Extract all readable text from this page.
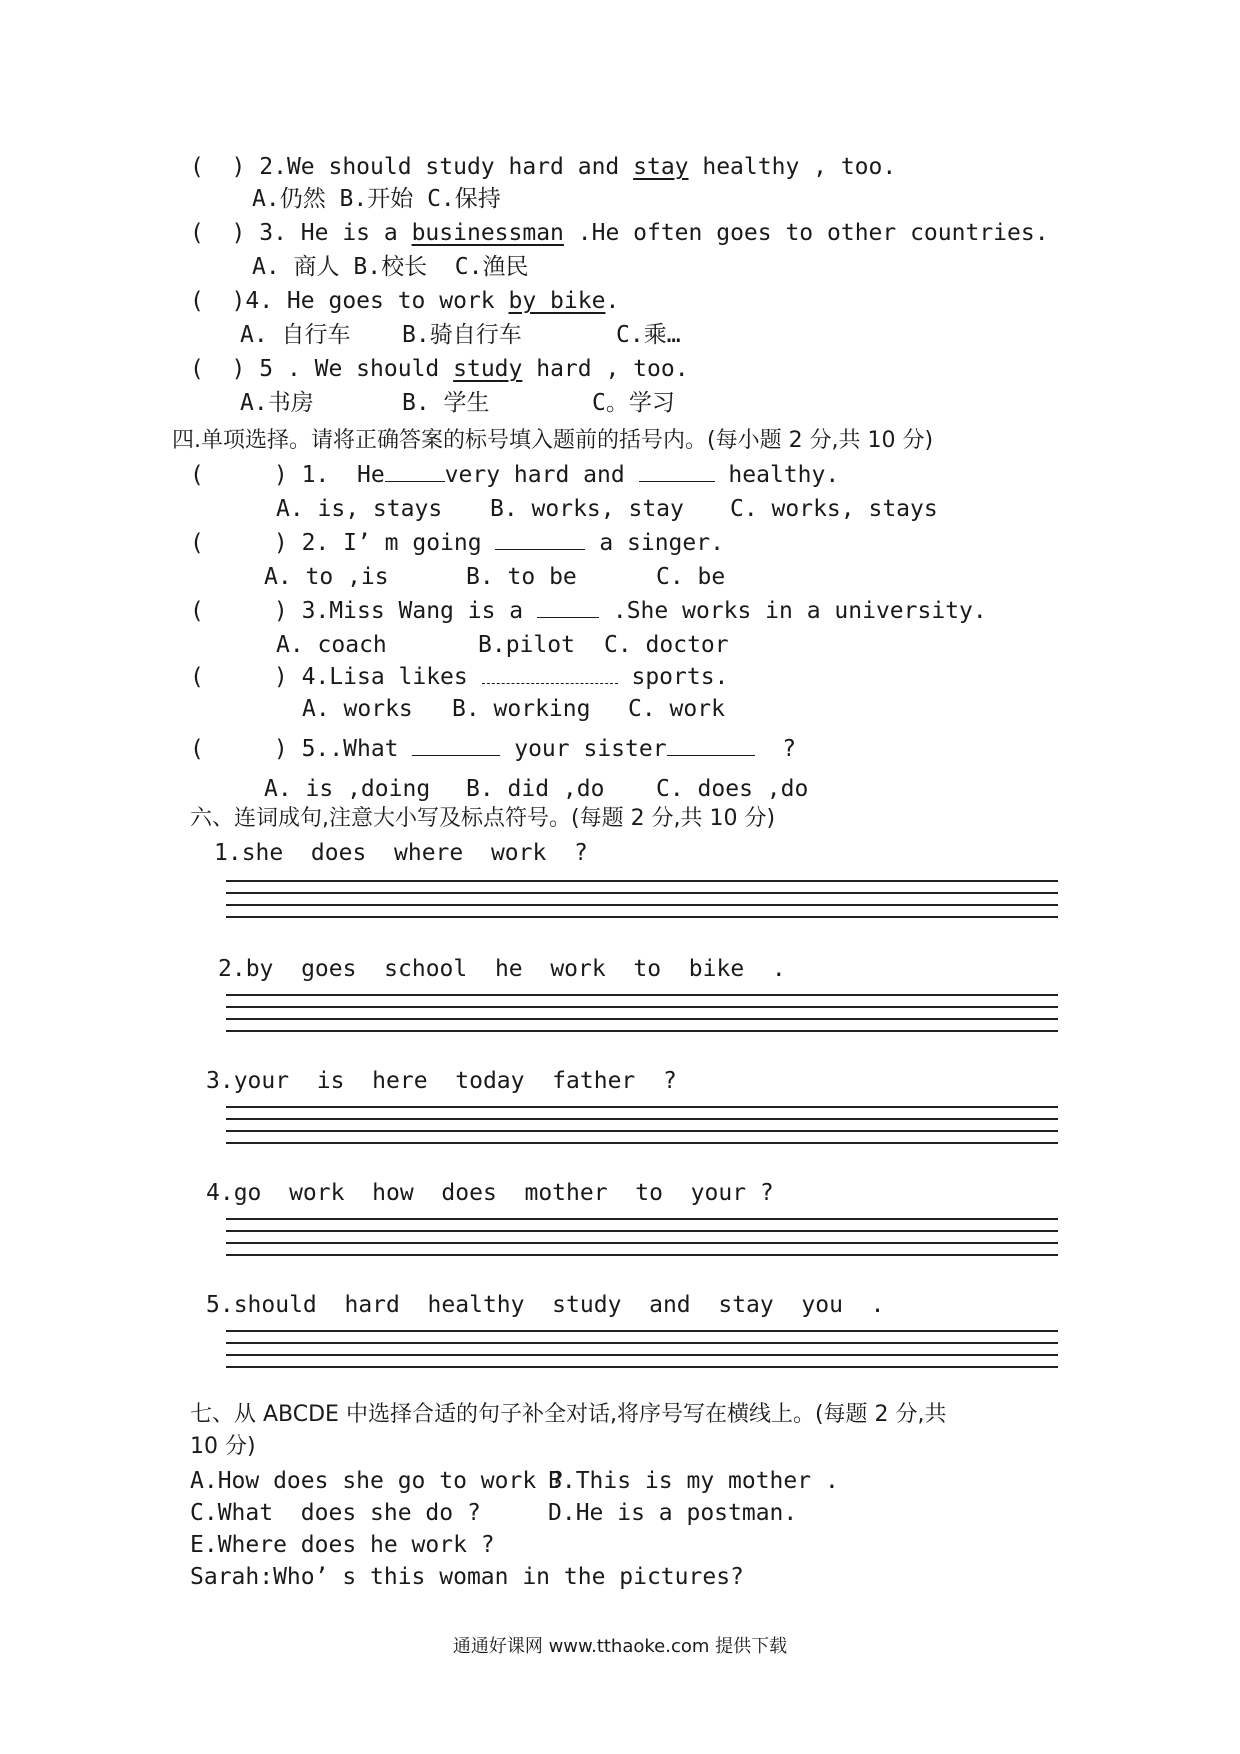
(  ) 2.We should study hard and stay healthy , too.
A.仍然 B.开始 C.保持
(  ) 3. He is a businessman .He often goes to other countries.
A. 商人 B.校长  C.渔民
(  )4. He goes to work by bike.
A. 自行车 B.骑自行车	C.乘…
(  ) 5 . We should study hard , too.
A.书房	B. 学生	C。学习
四.单项选择。请将正确答案的标号填入题前的括号内。(每小题 2 分,共 10 分)
(	) 1.  He	very hard and	healthy.
A. is, stays B. works, stay C. works, stays
(	) 2. I’ m going	a singer.
A. to ,is	B. to be	C. be
(	) 3.Miss Wang is a	.She works in a university.
A. coach	B.pilot C. doctor
(	) 4.Lisa likes	sports.
A. works B. working C. work
(	) 5..What	your sister	?
A. is ,doing B. did ,do C. does ,do
六、连词成句,注意大小写及标点符号。(每题 2 分,共 10 分)
1.she  does  where  work  ?
2.by  goes  school  he  work  to  bike  .
3.your  is  here  today  father  ?
4.go  work  how  does  mother  to  your ?
5.should  hard  healthy  study  and  stay  you  .
七、从 ABCDE 中选择合适的句子补全对话,将序号写在横线上。(每题 2 分,共
10 分)
A.How does she go to work ?
B.This is my mother .
C.What  does she do ?	D.He is a postman.
E.Where does he work ?
Sarah:Who’ s this woman in the pictures?
通通好课网 www.tthaoke.com 提供下载
